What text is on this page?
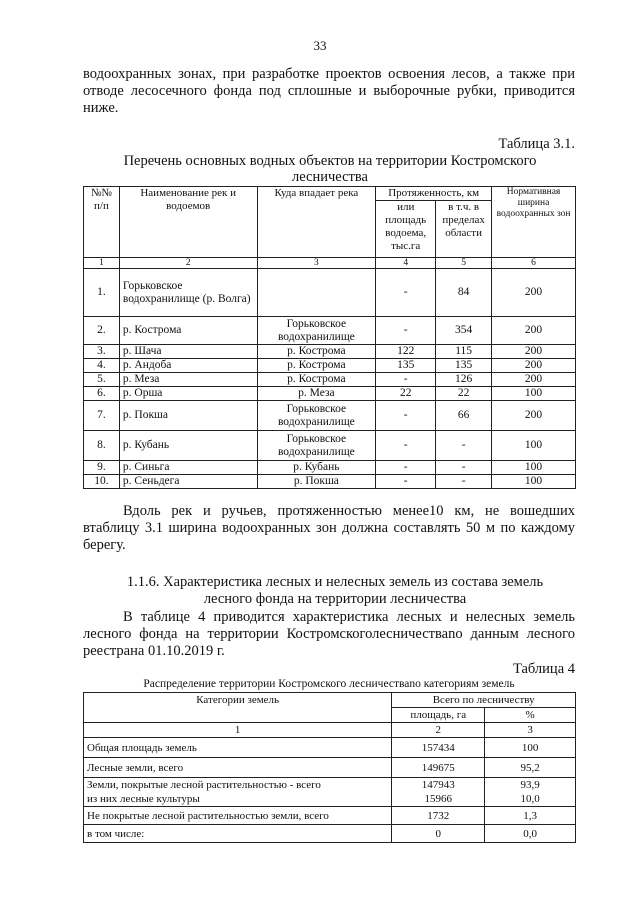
33
водоохранных зонах, при разработке проектов освоения лесов, а также при отводе лесосечного фонда под сплошные и выборочные рубки, приводится ниже.
Таблица 3.1.
Перечень основных водных объектов на территории Костромского лесничества
№№ п/п	Наименование рек и водоемов	Куда впадает река	Протяженность, км		Нормативная ширина водоохранных зон
			или площадь водоема, тыс.га	в т.ч. в пределах области	
1	2	3	4	5	6
1.	Горьковское водохранилище (р. Волга)		-	84	200
2.	р. Кострома	Горьковское водохранилище	-	354	200
3.	р. Шача	р. Кострома	122	115	200
4.	р. Андоба	р. Кострома	135	135	200
5.	р. Меза	р. Кострома	-	126	200
6.	р. Орша	р. Меза	22	22	100
7.	р. Покша	Горьковское водохранилище	-	66	200
8.	р. Кубань	Горьковское водохранилище	-	-	100
9.	р. Синьга	р. Кубань	-	-	100
10.	р. Сеньдега	р. Покша	-	-	100
Вдоль рек и ручьев, протяженностью менее10 км, не вошедших втаблицу 3.1 ширина водоохранных зон должна составлять 50 м по каждому берегу.
1.1.6. Характеристика лесных и нелесных земель из состава земель лесного фонда на территории лесничества
В таблице 4 приводится характеристика лесных и нелесных земель лесного фонда на территории Костромскоголесничестваnо данным лесного реестрана 01.10.2019 г.
Таблица 4
Распределение территории Костромского лесничестваnо категориям земель
Категории земель	Всего по лесничеству	
	площадь, га	%
1	2	3
Общая площадь земель	157434	100
Лесные земли, всего	149675	95,2
Земли, покрытые лесной растительностью - всего	147943	93,9
из них лесные культуры	15966	10,0
Не покрытые лесной растительностью земли, всего	1732	1,3
в том числе:	0	0,0
